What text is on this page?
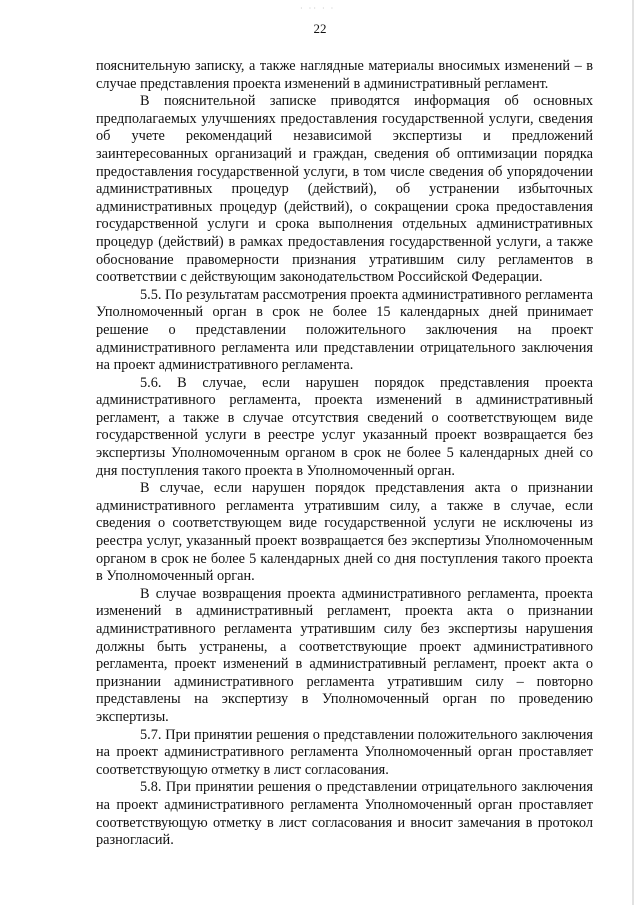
· ·· · ·
22

пояснительную записку, а также наглядные материалы вносимых изменений – в случае представления проекта изменений в административный регламент.

В пояснительной записке приводятся информация об основных предполагаемых улучшениях предоставления государственной услуги, сведения об учете рекомендаций независимой экспертизы и предложений заинтересованных организаций и граждан, сведения об оптимизации порядка предоставления государственной услуги, в том числе сведения об упорядочении административных процедур (действий), об устранении избыточных административных процедур (действий), о сокращении срока предоставления государственной услуги и срока выполнения отдельных административных процедур (действий) в рамках предоставления государственной услуги, а также обоснование правомерности признания утратившим силу регламентов в соответствии с действующим законодательством Российской Федерации.

5.5. По результатам рассмотрения проекта административного регламента Уполномоченный орган в срок не более 15 календарных дней принимает решение о представлении положительного заключения на проект административного регламента или представлении отрицательного заключения на проект административного регламента.

5.6. В случае, если нарушен порядок представления проекта административного регламента, проекта изменений в административный регламент, а также в случае отсутствия сведений о соответствующем виде государственной услуги в реестре услуг указанный проект возвращается без экспертизы Уполномоченным органом в срок не более 5 календарных дней со дня поступления такого проекта в Уполномоченный орган.

В случае, если нарушен порядок представления акта о признании административного регламента утратившим силу, а также в случае, если сведения о соответствующем виде государственной услуги не исключены из реестра услуг, указанный проект возвращается без экспертизы Уполномоченным органом в срок не более 5 календарных дней со дня поступления такого проекта в Уполномоченный орган.

В случае возвращения проекта административного регламента, проекта изменений в административный регламент, проекта акта о признании административного регламента утратившим силу без экспертизы нарушения должны быть устранены, а соответствующие проект административного регламента, проект изменений в административный регламент, проект акта о признании административного регламента утратившим силу – повторно представлены на экспертизу в Уполномоченный орган по проведению экспертизы.

5.7. При принятии решения о представлении положительного заключения на проект административного регламента Уполномоченный орган проставляет соответствующую отметку в лист согласования.

5.8. При принятии решения о представлении отрицательного заключения на проект административного регламента Уполномоченный орган проставляет соответствующую отметку в лист согласования и вносит замечания в протокол разногласий.
